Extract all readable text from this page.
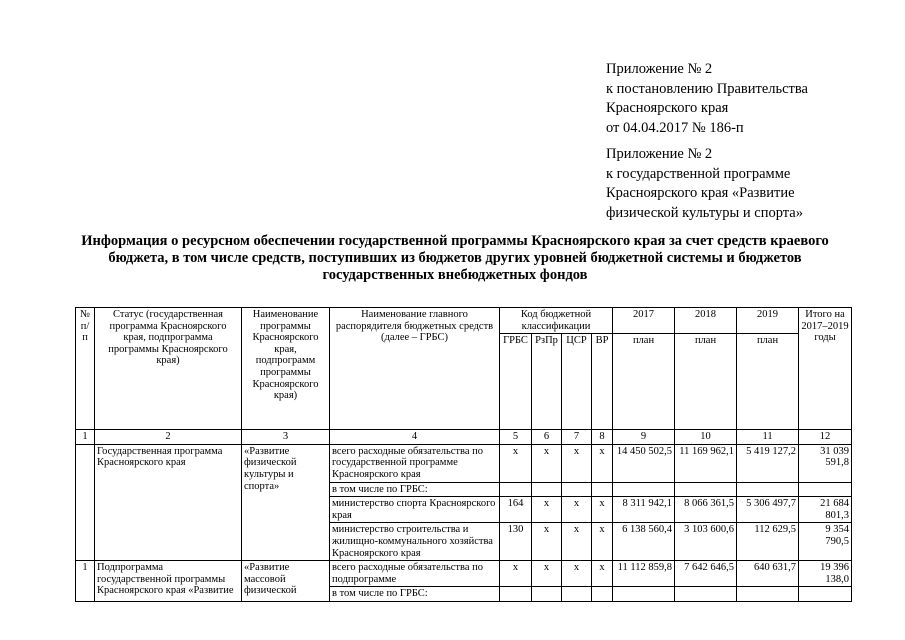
Приложение № 2
к постановлению Правительства
Красноярского края
от 04.04.2017 № 186-п
Приложение № 2
к государственной программе
Красноярского края «Развитие
физической культуры и спорта»
Информация о ресурсном обеспечении государственной программы Красноярского края за счет средств краевого бюджета, в том числе средств, поступивших из бюджетов других уровней бюджетной системы и бюджетов государственных внебюджетных фондов
№ п/п	Статус (государственная программа Красноярского края, подпрограмма программы Красноярского края)	Наименование программы Красноярского края, подпрограмм программы Красноярского края)	Наименование главного распорядителя бюджетных средств (далее – ГРБС)	Код бюджетной классификации				2017	2018	2019	Итого на 2017–2019 годы
				ГРБС	РзПр	ЦСР	ВР	план	план	план	
1	2	3	4	5	6	7	8	9	10	11	12
	Государственная программа Красноярского края	«Развитие физической культуры и спорта»	всего расходные обязательства по государственной программе Красноярского края	х	х	х	х	14 450 502,5	11 169 962,1	5 419 127,2	31 039 591,8
			в том числе по ГРБС:								
			министерство спорта Красноярского края	164	х	х	х	8 311 942,1	8 066 361,5	5 306 497,7	21 684 801,3
			министерство строительства и жилищно-коммунального хозяйства Красноярского края	130	х	х	х	6 138 560,4	3 103 600,6	112 629,5	9 354 790,5
1	Подпрограмма государственной программы Красноярского края «Развитие	«Развитие массовой физической	всего расходные обязательства по подпрограмме	х	х	х	х	11 112 859,8	7 642 646,5	640 631,7	19 396 138,0
			в том числе по ГРБС:								
